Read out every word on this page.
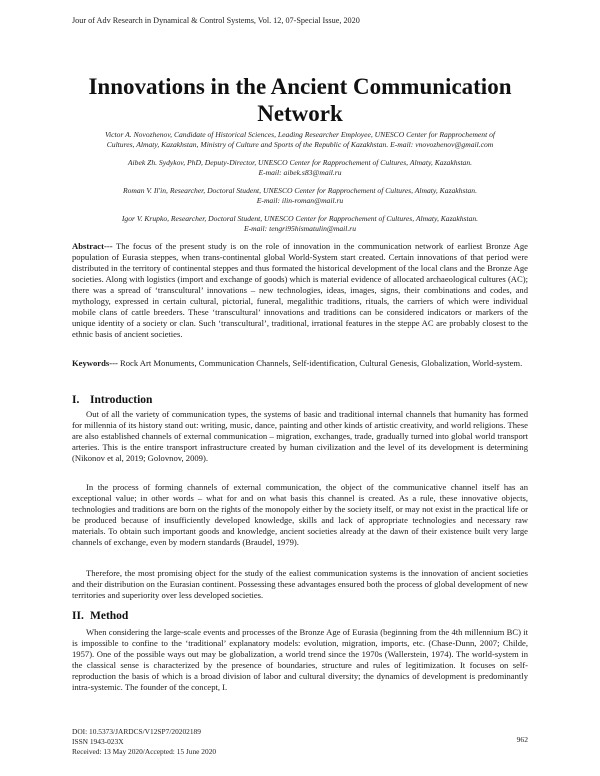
Jour of Adv Research in Dynamical & Control Systems, Vol. 12, 07-Special Issue, 2020
Innovations in the Ancient Communication Network
Victor A. Novozhenov, Candidate of Historical Sciences, Leading Researcher Employee, UNESCO Center for Rapprochement of
Cultures, Almaty, Kazakhstan, Ministry of Culture and Sports of the Republic of Kazakhstan. E-mail: vnovozhenov@gmail.com
Aibek Zh. Sydykov, PhD, Deputy-Director, UNESCO Center for Rapprochement of Cultures, Almaty, Kazakhstan.
E-mail: aibek.s83@mail.ru
Roman V. Il'in, Researcher, Doctoral Student, UNESCO Center for Rapprochement of Cultures, Almaty, Kazakhstan.
E-mail: ilin-roman@mail.ru
Igor V. Krupko, Researcher, Doctoral Student, UNESCO Center for Rapprochement of Cultures, Almaty, Kazakhstan.
E-mail: tengri95hismatulin@mail.ru

Abstract--- The focus of the present study is on the role of innovation in the communication network of earliest Bronze Age population of Eurasia steppes, when trans-continental global World-System start created. Certain innovations of that period were distributed in the territory of continental steppes and thus formated the historical development of the local clans and the Bronze Age societies. Along with logistics (import and exchange of goods) which is material evidence of allocated archaeological cultures (AC); there was a spread of ‘transcultural’ innovations – new technologies, ideas, images, signs, their combinations and codes, and mythology, expressed in certain cultural, pictorial, funeral, megalithic traditions, rituals, the carriers of which were individual mobile clans of cattle breeders. These ‘transcultural’ innovations and traditions can be considered indicators or markers of the unique identity of a society or clan. Such ‘transcultural’, traditional, irrational features in the steppe AC are probably closest to the ethnic basis of ancient societies.

Keywords--- Rock Art Monuments, Communication Channels, Self-identification, Cultural Genesis, Globalization, World-system.

I. Introduction

Out of all the variety of communication types, the systems of basic and traditional internal channels that humanity has formed for millennia of its history stand out: writing, music, dance, painting and other kinds of artistic creativity, and world religions. These are also established channels of external communication – migration, exchanges, trade, gradually turned into global world transport arteries. This is the entire transport infrastructure created by human civilization and the level of its development is determining (Nikonov et al, 2019; Golovnov, 2009).

In the process of forming channels of external communication, the object of the communicative channel itself has an exceptional value; in other words – what for and on what basis this channel is created. As a rule, these innovative objects, technologies and traditions are born on the rights of the monopoly either by the society itself, or may not exist in the practical life or be produced because of insufficiently developed knowledge, skills and lack of appropriate technologies and necessary raw materials. To obtain such important goods and knowledge, ancient societies already at the dawn of their existence built very large channels of exchange, even by modern standards (Braudel, 1979).

Therefore, the most promising object for the study of the ealiest communication systems is the innovation of ancient societies and their distribution on the Eurasian continent. Possessing these advantages ensured both the process of global development of new territories and superiority over less developed societies.

II. Method

When considering the large-scale events and processes of the Bronze Age of Eurasia (beginning from the 4th millennium BC) it is impossible to confine to the ‘traditional’ explanatory models: evolution, migration, imports, etc. (Chase-Dunn, 2007; Childe, 1957). One of the possible ways out may be globalization, a world trend since the 1970s (Wallerstein, 1974). The world-system in the classical sense is characterized by the presence of boundaries, structure and rules of legitimization. It focuses on self-reproduction the basis of which is a broad division of labor and cultural diversity; the dynamics of development is predominantly intra-systemic. The founder of the concept, I.

DOI: 10.5373/JARDCS/V12SP7/20202189
ISSN 1943-023X
Received: 13 May 2020/Accepted: 15 June 2020
962
